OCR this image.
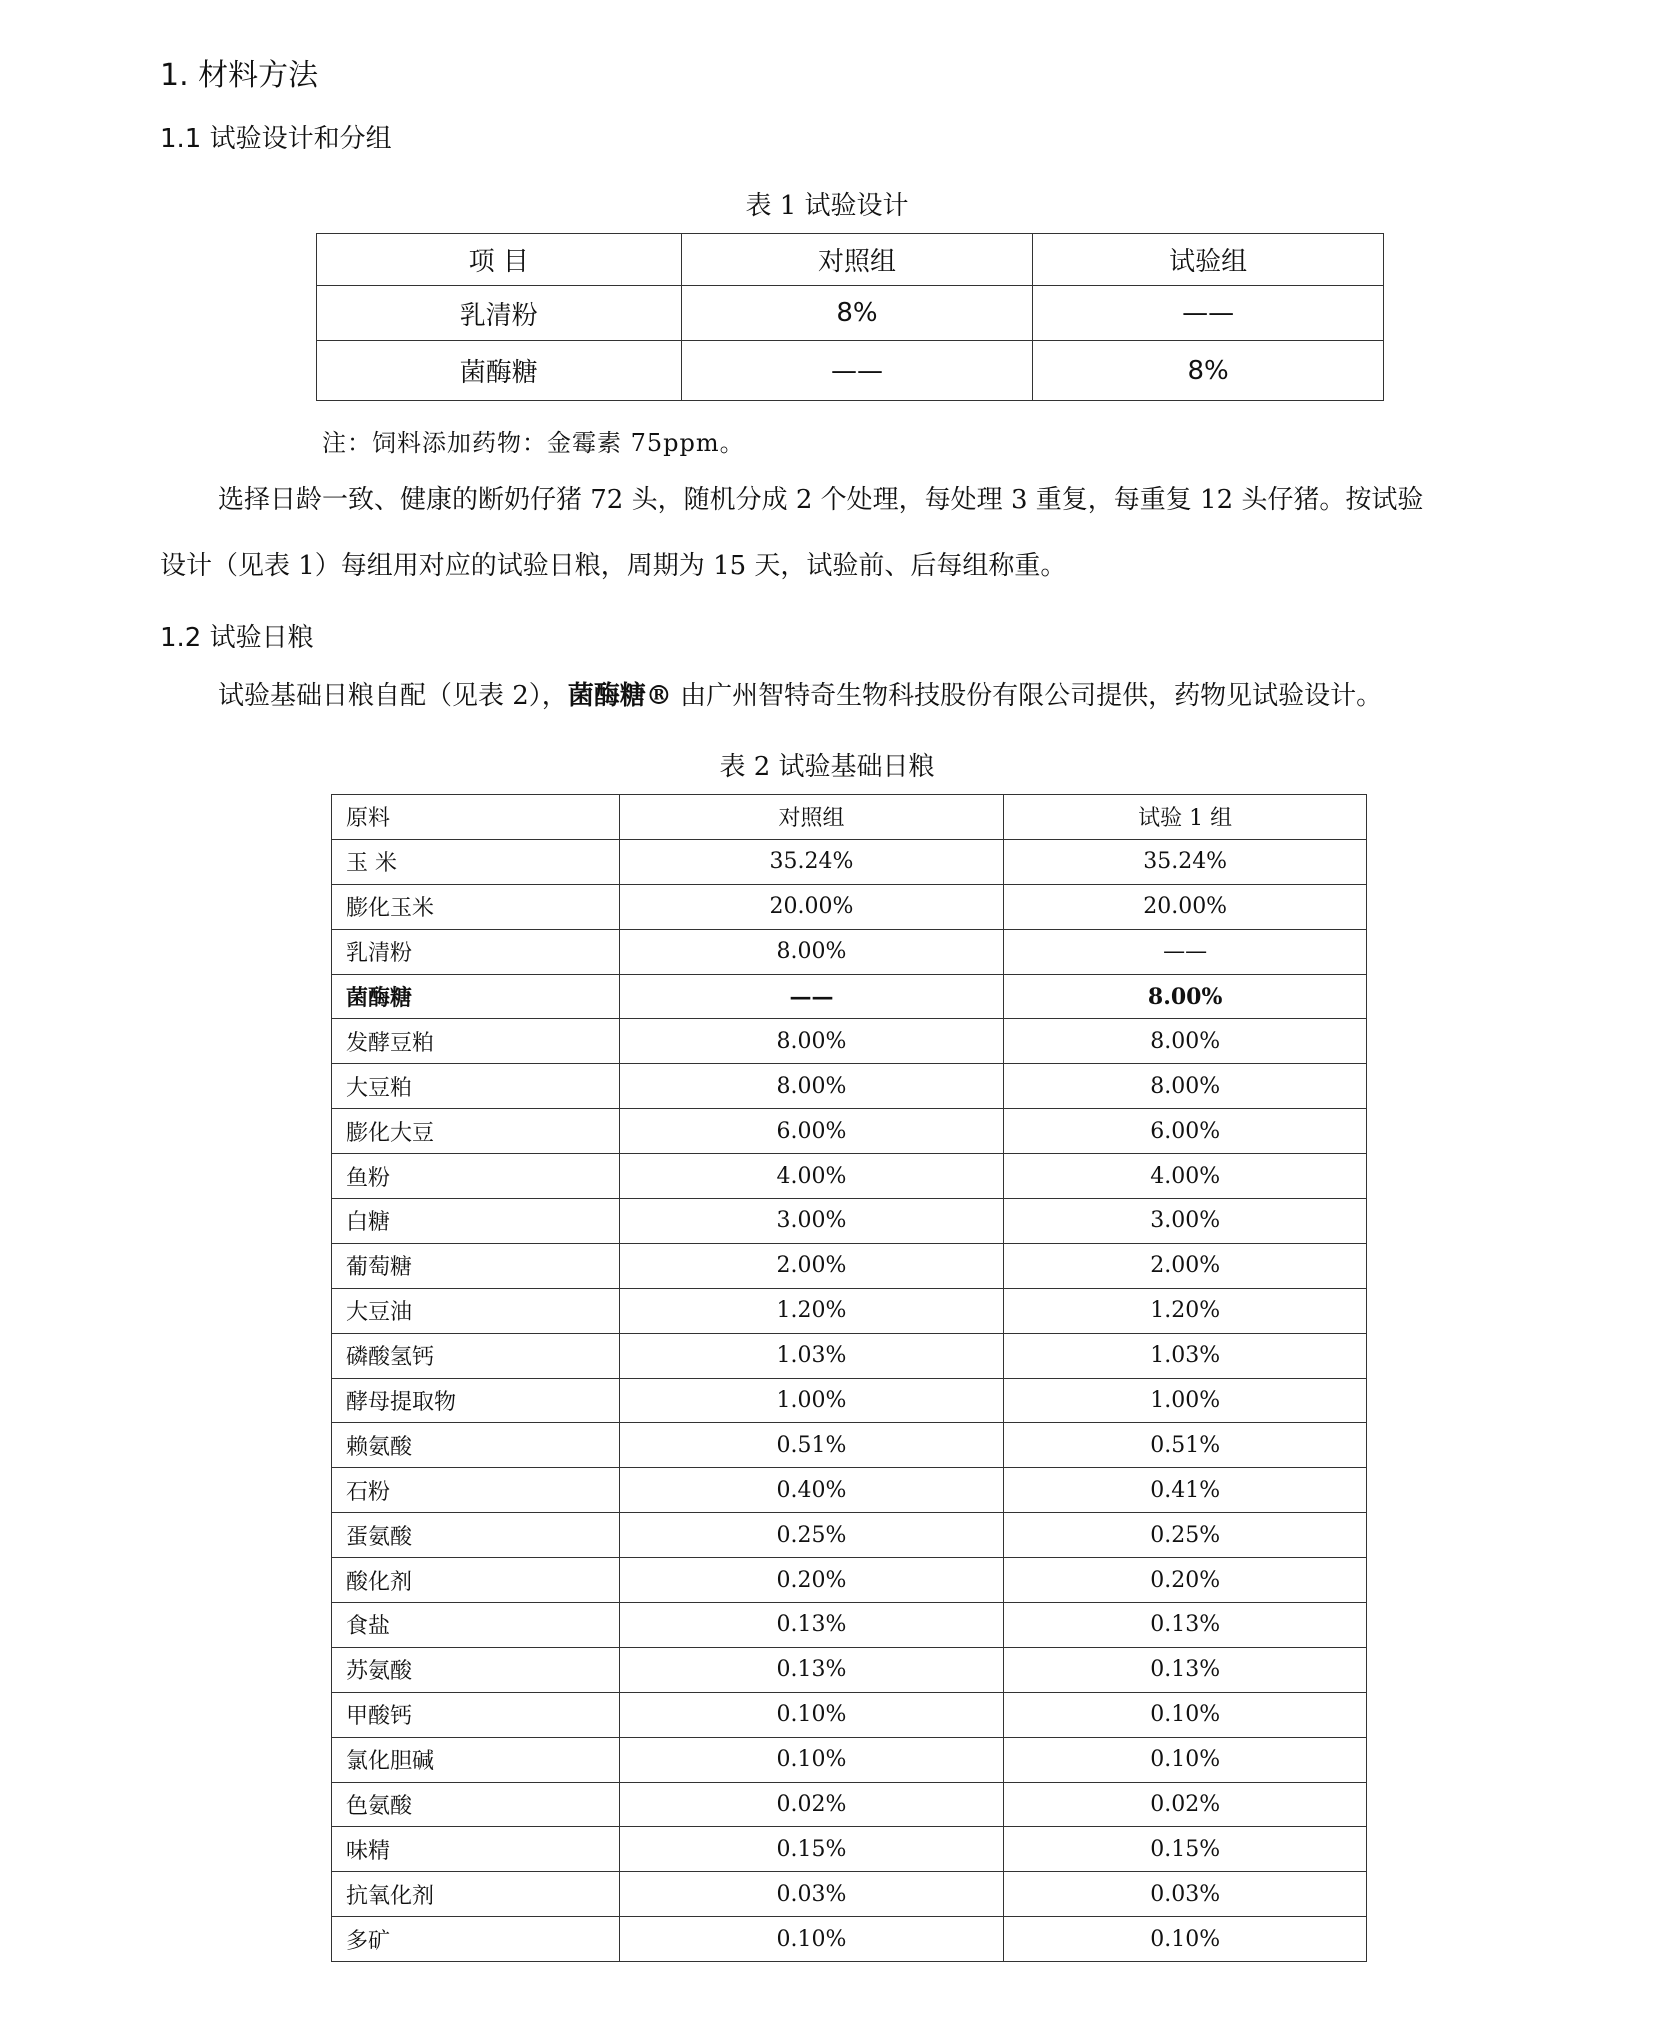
1. 材料方法
1.1 试验设计和分组
表 1 试验设计
项 目	对照组	试验组
乳清粉	8%	——
菌酶糖	——	8%
注：饲料添加药物：金霉素 75ppm。
选择日龄一致、健康的断奶仔猪 72 头，随机分成 2 个处理，每处理 3 重复，每重复 12 头仔猪。按试验
设计（见表 1）每组用对应的试验日粮，周期为 15 天，试验前、后每组称重。
1.2 试验日粮
试验基础日粮自配（见表 2），菌酶糖® 由广州智特奇生物科技股份有限公司提供，药物见试验设计。
表 2 试验基础日粮
原料	对照组	试验 1 组
玉 米	35.24%	35.24%
膨化玉米	20.00%	20.00%
乳清粉	8.00%	——
菌酶糖	——	8.00%
发酵豆粕	8.00%	8.00%
大豆粕	8.00%	8.00%
膨化大豆	6.00%	6.00%
鱼粉	4.00%	4.00%
白糖	3.00%	3.00%
葡萄糖	2.00%	2.00%
大豆油	1.20%	1.20%
磷酸氢钙	1.03%	1.03%
酵母提取物	1.00%	1.00%
赖氨酸	0.51%	0.51%
石粉	0.40%	0.41%
蛋氨酸	0.25%	0.25%
酸化剂	0.20%	0.20%
食盐	0.13%	0.13%
苏氨酸	0.13%	0.13%
甲酸钙	0.10%	0.10%
氯化胆碱	0.10%	0.10%
色氨酸	0.02%	0.02%
味精	0.15%	0.15%
抗氧化剂	0.03%	0.03%
多矿	0.10%	0.10%
